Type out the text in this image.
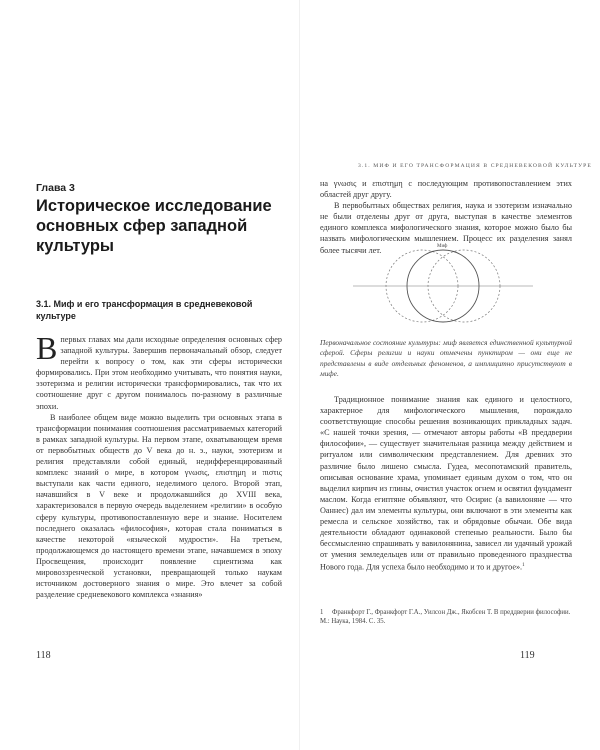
Глава 3
Историческое исследование основных сфер западной культуры
3.1. Миф и его трансформация в средневековой культуре

Впервых главах мы дали исходные определения основных сфер западной культуры. Завершив первоначальный обзор, следует перейти к вопросу о том, как эти сферы исторически формировались. При этом необходимо учитывать, что понятия науки, эзотеризма и религии исторически трансформировались, так что их соотношение друг с другом понималось по-разному в различные эпохи.

В наиболее общем виде можно выделить три основных этапа в трансформации понимания соотношения рассматриваемых категорий в рамках западной культуры. На первом этапе, охватывающем время от первобытных обществ до V века до н. э., науки, эзотеризм и религия представляли собой единый, недифференцированный комплекс знаний о мире, в котором γνωσις, επιστημη и πιστις выступали как части единого, неделимого целого. Второй этап, начавшийся в V веке и продолжавшийся до XVIII века, характеризовался в первую очередь выделением «религии» в особую сферу культуры, противопоставленную вере и знание. Носителем последнего оказалась «философия», которая стала пониматься в качестве некоторой «языческой мудрости». На третьем, продолжающемся до настоящего времени этапе, начавшемся в эпоху Просвещения, происходит появление сциентизма как мировоззренческой установки, превращающей только наукам источником достоверного знания о мире. Это влечет за собой разделение средневекового комплекса «знания»

118

3.1. МИФ И ЕГО ТРАНСФОРМАЦИЯ В СРЕДНЕВЕКОВОЙ КУЛЬТУРЕ

на γνωσις и επιστημη с последующим противопоставлением этих областей друг другу.

В первобытных обществах религия, наука и эзотеризм изначально не были отделены друг от друга, выступая в качестве элементов единого комплекса мифологического знания, которое можно было бы назвать мифологическим мышлением. Процесс их разделения занял более тысячи лет.	Миф

Первоначальное состояние культуры: миф является единственной культурной сферой. Сферы религии и науки отмечены пунктиром — они еще не представлены в виде отдельных феноменов, а имплицитно присутствуют в мифе.

Традиционное понимание знания как единого и целостного, характерное для мифологического мышления, порождало соответствующие способы решения возникающих прикладных задач. «С нашей точки зрения, — отмечают авторы работы «В преддверии философии», — существует значительная разница между действием и ритуалом или символическим представлением. Для древних это различие было лишено смысла. Гудеа, месопотамский правитель, описывая основание храма, упоминает единым духом о том, что он выделил кирпич из глины, очистил участок огнем и освятил фундамент маслом. Когда египтяне объявляют, что Осирис (а вавилоняне — что Оаннес) дал им элементы культуры, они включают в эти элементы как ремесла и сельское хозяйство, так и обрядовые обычаи. Обе вида деятельности обладают одинаковой степенью реальности. Было бы бессмысленно спрашивать у вавилонянина, зависел ли удачный урожай от умения земледельцев или от правильно проведенного празднества Нового года. Для успеха было необходимо и то и другое».$^1$

1 Франкфорт Г., Франкфорт Г.А., Уилсон Дж., Якобсен Т. В преддверии философии. М.: Наука, 1984. С. 35.

119
